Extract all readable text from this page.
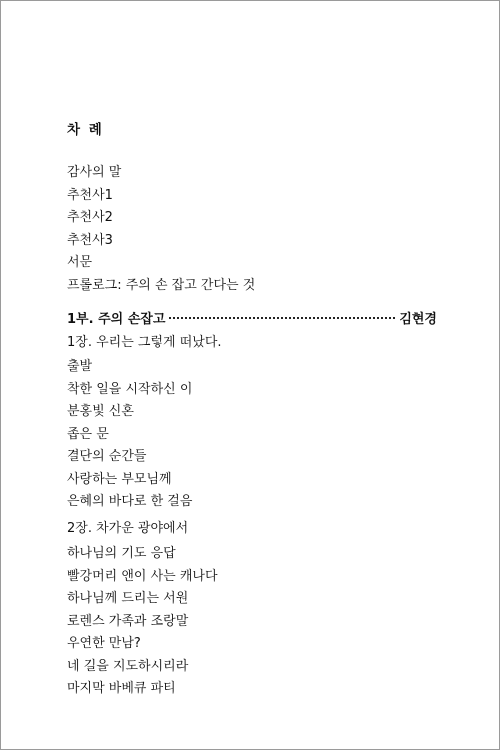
차 례
감사의 말
추천사1
추천사2
추천사3
서문
프롤로그: 주의 손 잡고 간다는 것
1부. 주의 손잡고	김현경
1장. 우리는 그렇게 떠났다.
출발
착한 일을 시작하신 이
분홍빛 신혼
좁은 문
결단의 순간들
사랑하는 부모님께
은혜의 바다로 한 걸음
2장. 차가운 광야에서
하나님의 기도 응답
빨강머리 앤이 사는 캐나다
하나님께 드리는 서원
로렌스 가족과 조랑말
우연한 만남?
네 길을 지도하시리라
마지막 바베큐 파티
